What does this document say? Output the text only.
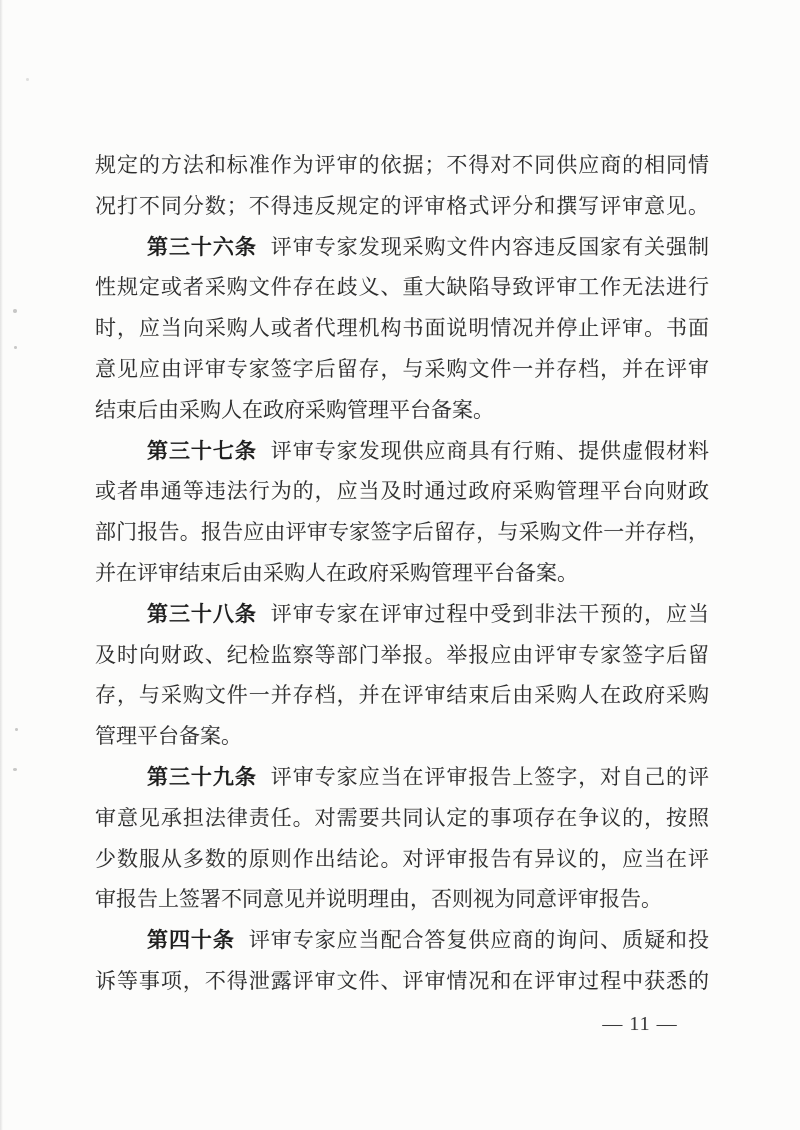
规定的方法和标准作为评审的依据；不得对不同供应商的相同情
况打不同分数；不得违反规定的评审格式评分和撰写评审意见。
第三十六条 评审专家发现采购文件内容违反国家有关强制
性规定或者采购文件存在歧义、重大缺陷导致评审工作无法进行
时，应当向采购人或者代理机构书面说明情况并停止评审。书面
意见应由评审专家签字后留存，与采购文件一并存档，并在评审
结束后由采购人在政府采购管理平台备案。
第三十七条 评审专家发现供应商具有行贿、提供虚假材料
或者串通等违法行为的，应当及时通过政府采购管理平台向财政
部门报告。报告应由评审专家签字后留存，与采购文件一并存档，
并在评审结束后由采购人在政府采购管理平台备案。
第三十八条 评审专家在评审过程中受到非法干预的，应当
及时向财政、纪检监察等部门举报。举报应由评审专家签字后留
存，与采购文件一并存档，并在评审结束后由采购人在政府采购
管理平台备案。
第三十九条 评审专家应当在评审报告上签字，对自己的评
审意见承担法律责任。对需要共同认定的事项存在争议的，按照
少数服从多数的原则作出结论。对评审报告有异议的，应当在评
审报告上签署不同意见并说明理由，否则视为同意评审报告。
第四十条 评审专家应当配合答复供应商的询问、质疑和投
诉等事项，不得泄露评审文件、评审情况和在评审过程中获悉的
— 11 —
